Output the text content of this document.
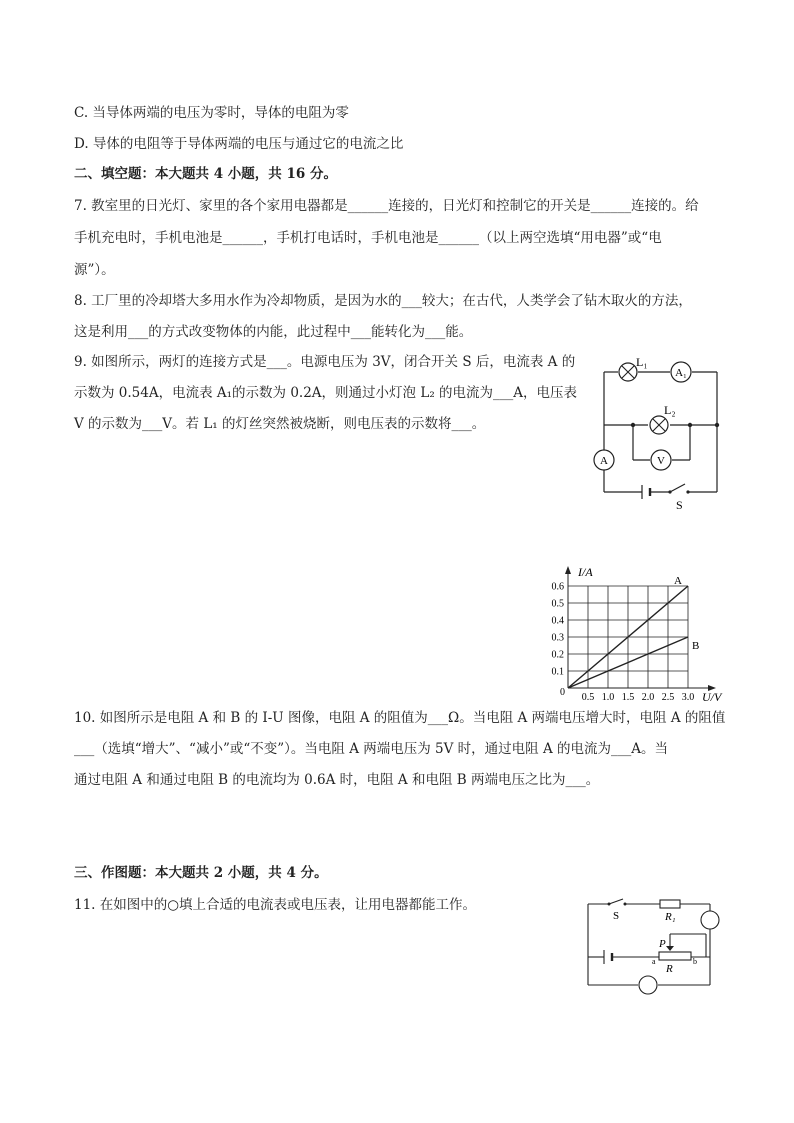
C. 当导体两端的电压为零时，导体的电阻为零
D. 导体的电阻等于导体两端的电压与通过它的电流之比
二、填空题：本大题共 4 小题，共 16 分。
7. 教室里的日光灯、家里的各个家用电器都是______连接的，日光灯和控制它的开关是______连接的。给
手机充电时，手机电池是______，手机打电话时，手机电池是______（以上两空选填“用电器”或“电
源”）。
8. 工厂里的冷却塔大多用水作为冷却物质，是因为水的___较大；在古代，人类学会了钻木取火的方法，
这是利用___的方式改变物体的内能，此过程中___能转化为___能。
9. 如图所示，两灯的连接方式是___。电源电压为 3V，闭合开关 S 后，电流表 A 的
示数为 0.54A，电流表 A₁的示数为 0.2A，则通过小灯泡 L₂ 的电流为___A，电压表
V 的示数为___V。若 L₁ 的灯丝突然被烧断，则电压表的示数将___。
L₁
A₁
L₂
A	V
S
0.5 1.0 1.5 2.0 2.5 3.0
0.1
0.2
0.3
0.4
0.5
0.6
0
I/A
U/V
A
B
10. 如图所示是电阻 A 和 B 的 I-U 图像，电阻 A 的阻值为___Ω。当电阻 A 两端电压增大时，电阻 A 的阻值
___（选填“增大”、“减小”或“不变”）。当电阻 A 两端电压为 5V 时，通过电阻 A 的电流为___A。当
通过电阻 A 和通过电阻 B 的电流均为 0.6A 时，电阻 A 和电阻 B 两端电压之比为___。
三、作图题：本大题共 2 小题，共 4 分。
11. 在如图中的○填上合适的电流表或电压表，让用电器都能工作。
S	R₁
P
R
a	b
